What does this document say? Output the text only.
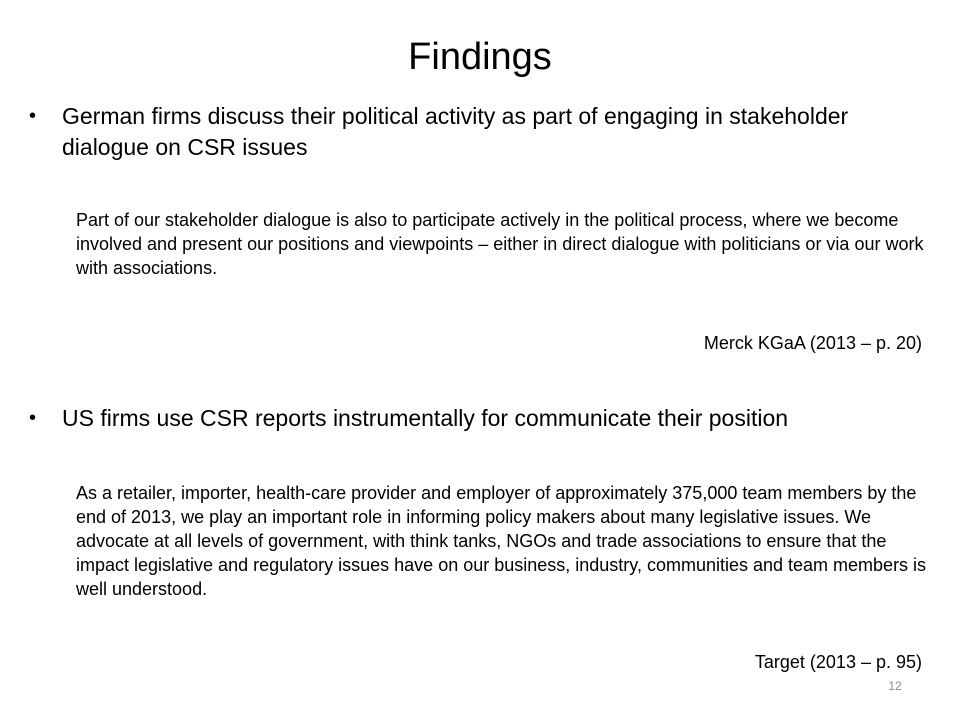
Findings
• German firms discuss their political activity as part of engaging in stakeholder dialogue on CSR issues
Part of our stakeholder dialogue is also to participate actively in the political process, where we become involved and present our positions and viewpoints – either in direct dialogue with politicians or via our work with associations.
Merck KGaA (2013 – p. 20)
• US firms use CSR reports instrumentally for communicate their position
As a retailer, importer, health-care provider and employer of approximately 375,000 team members by the end of 2013, we play an important role in informing policy makers about many legislative issues. We advocate at all levels of government, with think tanks, NGOs and trade associations to ensure that the impact legislative and regulatory issues have on our business, industry, communities and team members is well understood.
Target (2013 – p. 95)
12
